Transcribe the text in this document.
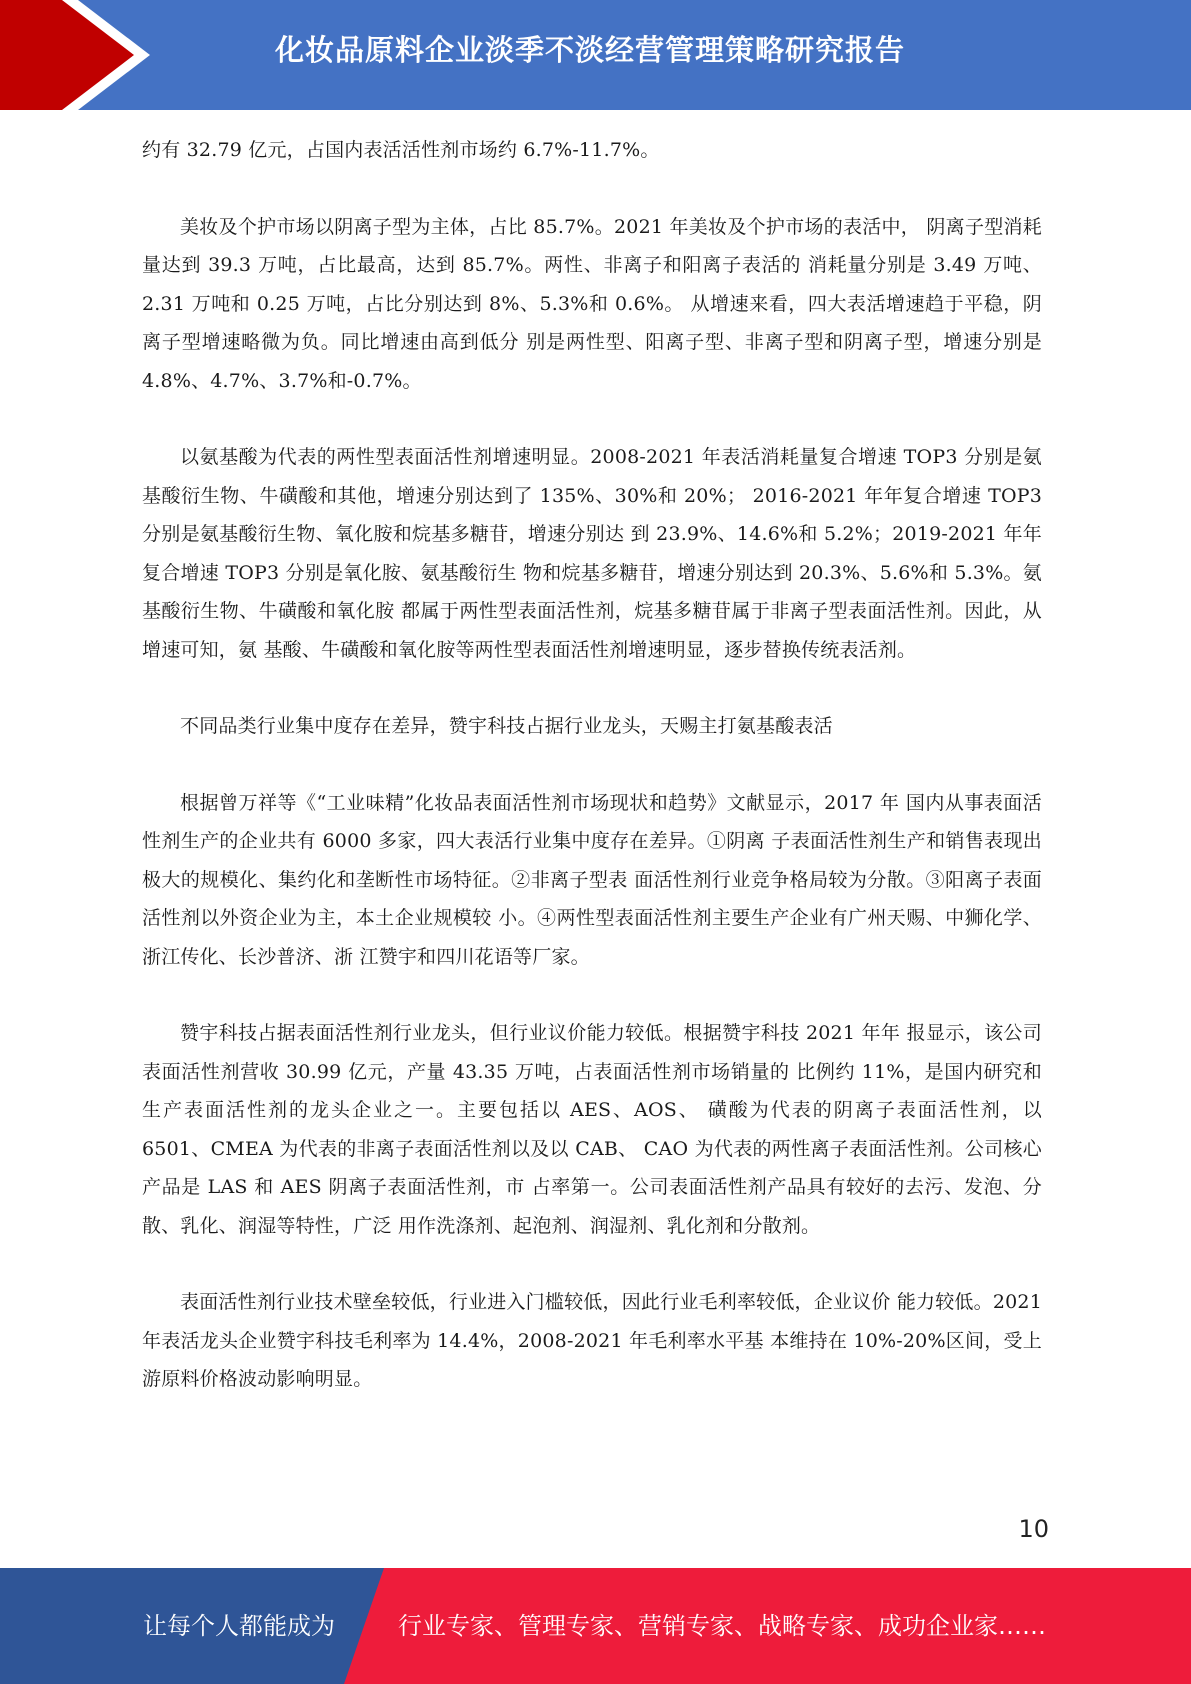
化妆品原料企业淡季不淡经营管理策略研究报告

约有 32.79 亿元，占国内表活活性剂市场约 6.7%-11.7%。

美妆及个护市场以阴离子型为主体，占比 85.7%。2021 年美妆及个护市场的表活中， 阴离子型消耗量达到 39.3 万吨，占比最高，达到 85.7%。两性、非离子和阳离子表活的 消耗量分别是 3.49 万吨、2.31 万吨和 0.25 万吨，占比分别达到 8%、5.3%和 0.6%。 从增速来看，四大表活增速趋于平稳，阴离子型增速略微为负。同比增速由高到低分 别是两性型、阳离子型、非离子型和阴离子型，增速分别是 4.8%、4.7%、3.7%和-0.7%。

以氨基酸为代表的两性型表面活性剂增速明显。2008-2021 年表活消耗量复合增速 TOP3 分别是氨基酸衍生物、牛磺酸和其他，增速分别达到了 135%、30%和 20%； 2016-2021 年年复合增速 TOP3 分别是氨基酸衍生物、氧化胺和烷基多糖苷，增速分别达 到 23.9%、14.6%和 5.2%；2019-2021 年年复合增速 TOP3 分别是氧化胺、氨基酸衍生 物和烷基多糖苷，增速分别达到 20.3%、5.6%和 5.3%。氨基酸衍生物、牛磺酸和氧化胺 都属于两性型表面活性剂，烷基多糖苷属于非离子型表面活性剂。因此，从增速可知，氨 基酸、牛磺酸和氧化胺等两性型表面活性剂增速明显，逐步替换传统表活剂。

不同品类行业集中度存在差异，赞宇科技占据行业龙头，天赐主打氨基酸表活

根据曾万祥等《“工业味精”化妆品表面活性剂市场现状和趋势》文献显示，2017 年 国内从事表面活性剂生产的企业共有 6000 多家，四大表活行业集中度存在差异。①阴离 子表面活性剂生产和销售表现出极大的规模化、集约化和垄断性市场特征。②非离子型表 面活性剂行业竞争格局较为分散。③阳离子表面活性剂以外资企业为主，本土企业规模较 小。④两性型表面活性剂主要生产企业有广州天赐、中狮化学、浙江传化、长沙普济、浙 江赞宇和四川花语等厂家。

赞宇科技占据表面活性剂行业龙头，但行业议价能力较低。根据赞宇科技 2021 年年 报显示，该公司表面活性剂营收 30.99 亿元，产量 43.35 万吨，占表面活性剂市场销量的 比例约 11%，是国内研究和生产表面活性剂的龙头企业之一。主要包括以 AES、AOS、 磺酸为代表的阴离子表面活性剂，以 6501、CMEA 为代表的非离子表面活性剂以及以 CAB、 CAO 为代表的两性离子表面活性剂。公司核心产品是 LAS 和 AES 阴离子表面活性剂，市 占率第一。公司表面活性剂产品具有较好的去污、发泡、分散、乳化、润湿等特性，广泛 用作洗涤剂、起泡剂、润湿剂、乳化剂和分散剂。

表面活性剂行业技术壁垒较低，行业进入门槛较低，因此行业毛利率较低，企业议价 能力较低。2021 年表活龙头企业赞宇科技毛利率为 14.4%，2008-2021 年毛利率水平基 本维持在 10%-20%区间，受上游原料价格波动影响明显。

10
让每个人都能成为	行业专家、管理专家、营销专家、战略专家、成功企业家……
